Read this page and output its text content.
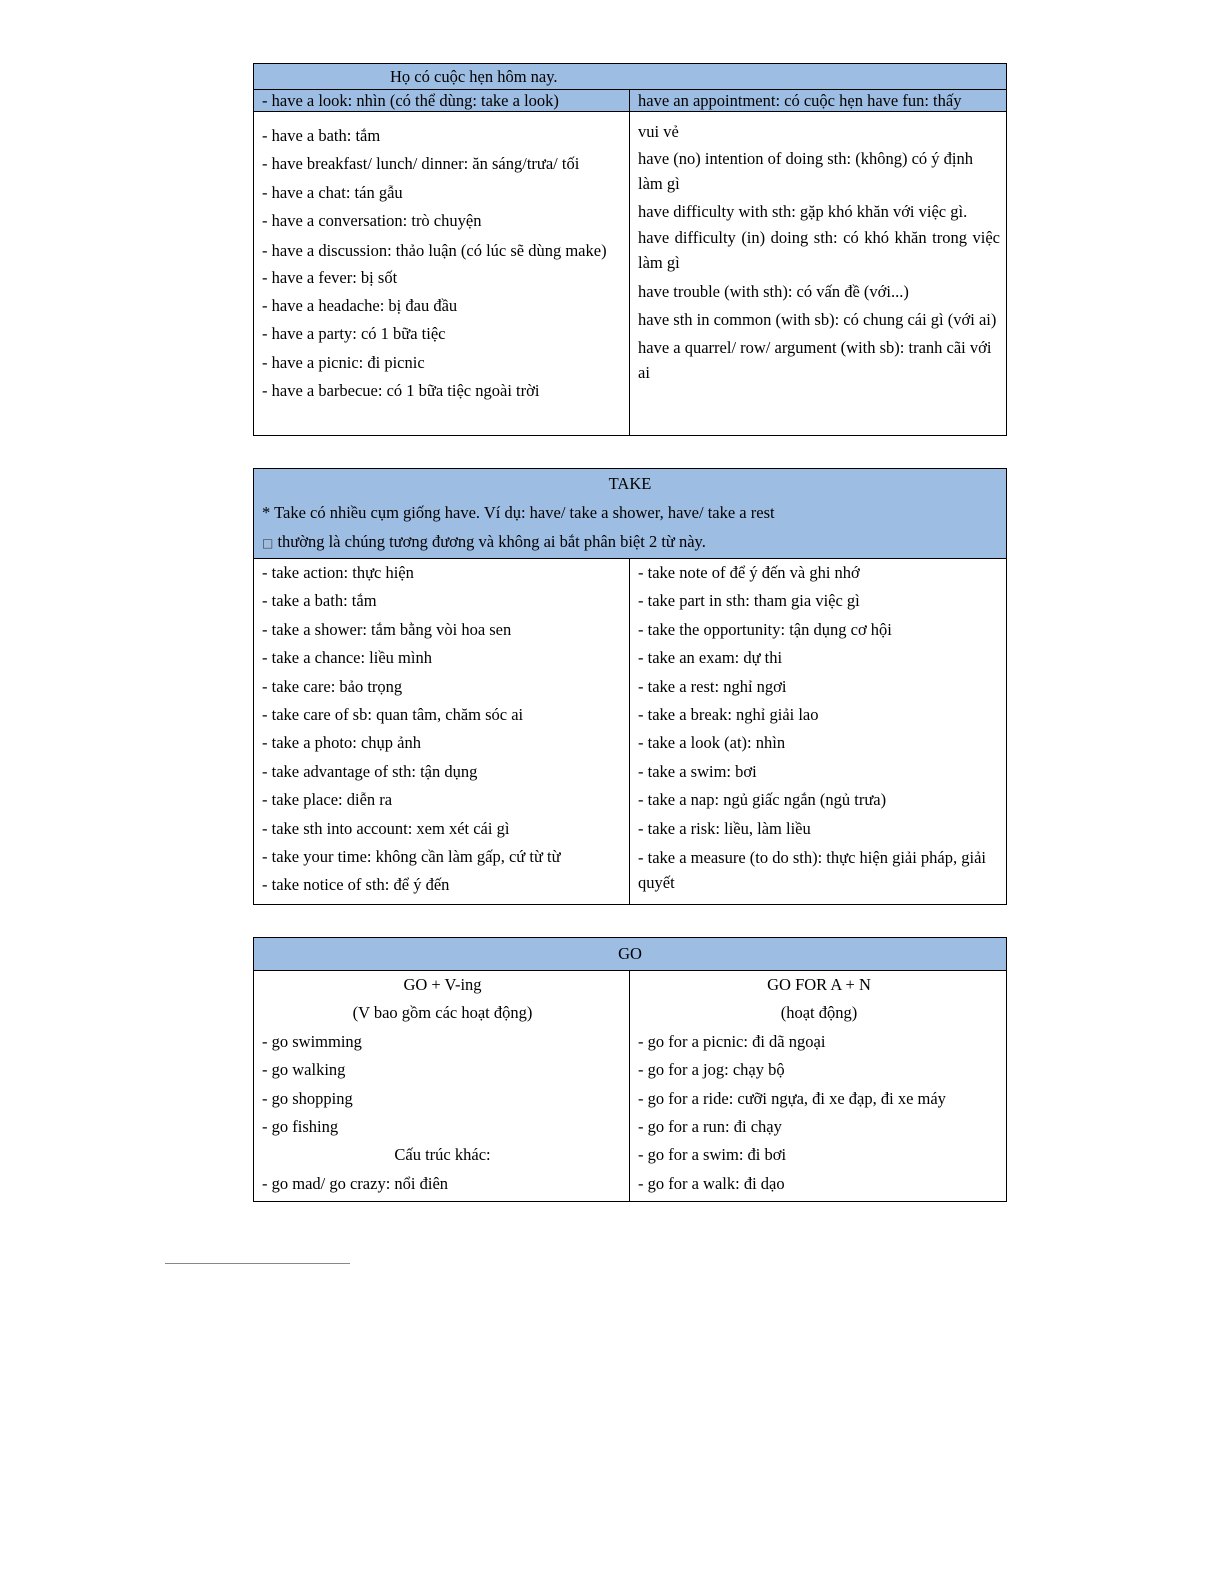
Họ có cuộc hẹn hôm nay.
- have a look: nhìn (có thể dùng: take a look)	have an appointment: có cuộc hẹn have fun: thấy
- have a bath: tắm
- have breakfast/ lunch/ dinner: ăn sáng/trưa/ tối
- have a chat: tán gẫu
- have a conversation: trò chuyện
- have a discussion: thảo luận (có lúc sẽ dùng make)
- have a fever: bị sốt
- have a headache: bị đau đầu
- have a party: có 1 bữa tiệc
- have a picnic: đi picnic
- have a barbecue: có 1 bữa tiệc ngoài trời
vui vẻ
have (no) intention of doing sth: (không) có ý định làm gì
have difficulty with sth: gặp khó khăn với việc gì.
have difficulty (in) doing sth: có khó khăn trong việc làm gì
have trouble (with sth): có vấn đề (với...)
have sth in common (with sb): có chung cái gì (với ai)
have a quarrel/ row/ argument (with sb): tranh cãi với ai
TAKE
* Take có nhiều cụm giống have. Ví dụ: have/ take a shower, have/ take a rest
□ thường là chúng tương đương và không ai bắt phân biệt 2 từ này.
- take action: thực hiện
- take a bath: tắm
- take a shower: tắm bằng vòi hoa sen
- take a chance: liều mình
- take care: bảo trọng
- take care of sb: quan tâm, chăm sóc ai
- take a photo: chụp ảnh
- take advantage of sth: tận dụng
- take place: diễn ra
- take sth into account: xem xét cái gì
- take your time: không cần làm gấp, cứ từ từ
- take notice of sth: để ý đến
- take note of để ý đến và ghi nhớ
- take part in sth: tham gia việc gì
- take the opportunity: tận dụng cơ hội
- take an exam: dự thi
- take a rest: nghỉ ngơi
- take a break: nghỉ giải lao
- take a look (at): nhìn
- take a swim: bơi
- take a nap: ngủ giấc ngắn (ngủ trưa)
- take a risk: liều, làm liều
- take a measure (to do sth): thực hiện giải pháp, giải quyết
GO
GO + V-ing
(V bao gồm các hoạt động)
- go swimming
- go walking
- go shopping
- go fishing
Cấu trúc khác:
- go mad/ go crazy: nổi điên
GO FOR A + N
(hoạt động)
- go for a picnic: đi dã ngoại
- go for a jog: chạy bộ
- go for a ride: cưỡi ngựa, đi xe đạp, đi xe máy
- go for a run: đi chạy
- go for a swim: đi bơi
- go for a walk: đi dạo
